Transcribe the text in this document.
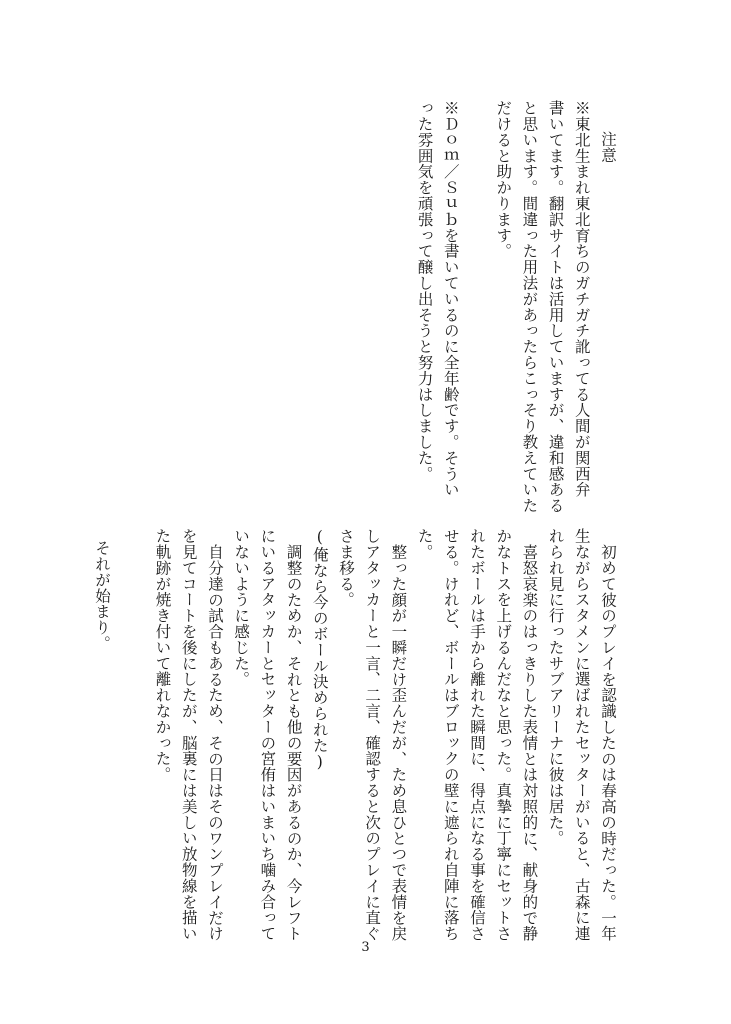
注意

※東北生まれ東北育ちのガチガチ訛ってる人間が関西弁

書いてます。翻訳サイトは活用していますが、違和感ある

と思います。間違った用法があったらこっそり教えていた

だけると助かります。

※Ｄｏｍ／Ｓｕｂを書いているのに全年齢です。そうい

った雰囲気を頑張って醸し出そうと努力はしました。

初めて彼のプレイを認識したのは春高の時だった。一年

生ながらスタメンに選ばれたセッターがいると、古森に連

れられ見に行ったサブアリーナに彼は居た。

喜怒哀楽のはっきりした表情とは対照的に、献身的で静

かなトスを上げるんだなと思った。真摯に丁寧にセットさ

れたボールは手から離れた瞬間に、得点になる事を確信さ

せる。けれど、ボールはブロックの壁に遮られ自陣に落ち

た。

整った顔が一瞬だけ歪んだが、ため息ひとつで表情を戻

しアタッカーと一言、二言、確認すると次のプレイに直ぐ

さま移る。

(俺なら今のボール決められた)

調整のためか、それとも他の要因があるのか、今レフト

にいるアタッカーとセッターの宮侑はいまいち噛み合って

いないように感じた。

自分達の試合もあるため、その日はそのワンプレイだけ

を見てコートを後にしたが、脳裏には美しい放物線を描い

た軌跡が焼き付いて離れなかった。

それが始まり。

3
